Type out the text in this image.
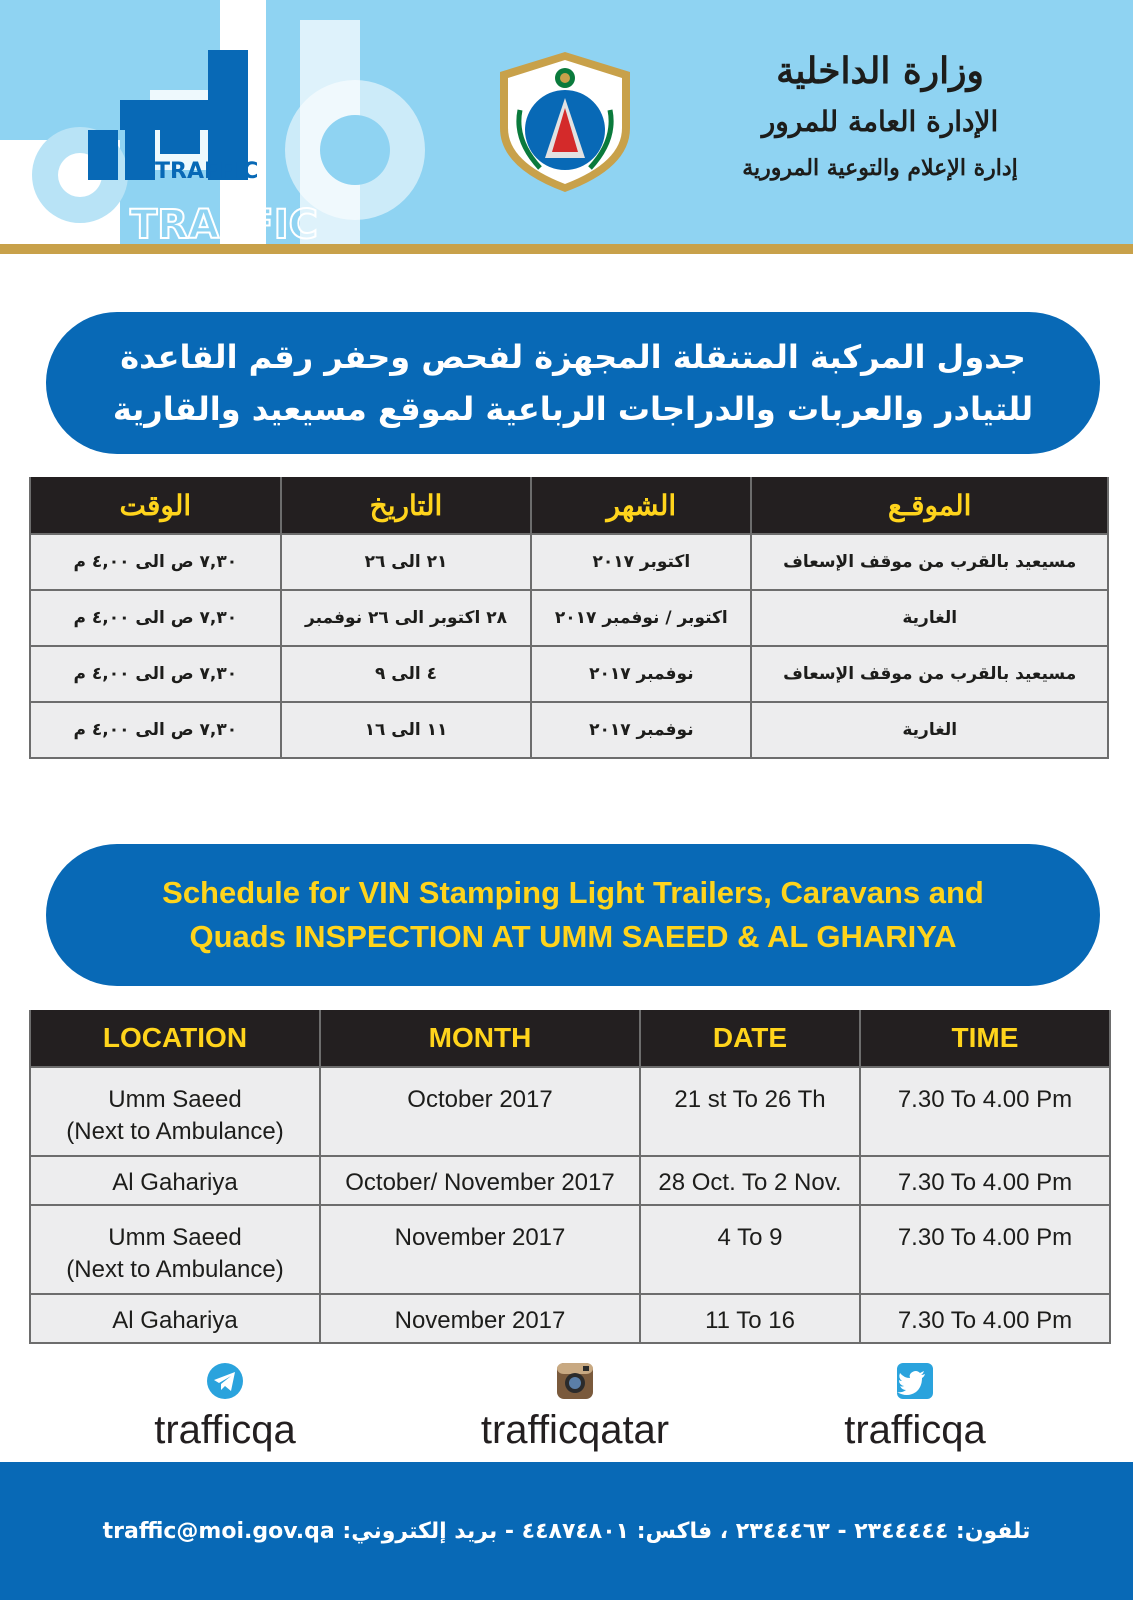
TRAFFIC
TRAFFIC
وزارة الداخلية
الإدارة العامة للمرور
إدارة الإعلام والتوعية المرورية
جدول المركبة المتنقلة المجهزة لفحص وحفر رقم القاعدة
للتيادر والعربات والدراجات الرباعية لموقع مسيعيد والقارية
الموقـع	الشهر	التاريخ	الوقت
مسيعيد بالقرب من موقف الإسعاف	اكتوبر ٢٠١٧	٢١ الى ٢٦	٧,٣٠ ص الى ٤,٠٠ م
الغارية	اكتوبر / نوفمبر ٢٠١٧	٢٨ اكتوبر الى ٢٦ نوفمبر	٧,٣٠ ص الى ٤,٠٠ م
مسيعيد بالقرب من موقف الإسعاف	نوفمبر ٢٠١٧	٤ الى ٩	٧,٣٠ ص الى ٤,٠٠ م
الغارية	نوفمبر ٢٠١٧	١١ الى ١٦	٧,٣٠ ص الى ٤,٠٠ م
Schedule for VIN Stamping Light Trailers, Caravans and
Quads INSPECTION AT UMM SAEED & AL GHARIYA
LOCATION	MONTH	DATE	TIME

Umm Saeed
(Next to Ambulance)	October 2017	21 st To 26 Th	7.30 To 4.00 Pm
Al Gahariya	October/ November 2017	28 Oct. To 2 Nov.	7.30 To 4.00 Pm

Umm Saeed
(Next to Ambulance)	November 2017	4 To 9	7.30 To 4.00 Pm
Al Gahariya	November 2017	11 To 16	7.30 To 4.00 Pm
trafficqa	trafficqatar	trafficqa
تلفون: ٢٣٤٤٤٤٤ - ٢٣٤٤٤٦٣ ، فاكس: ٤٤٨٧٤٨٠١ - بريد إلكتروني: traffic@moi.gov.qa
